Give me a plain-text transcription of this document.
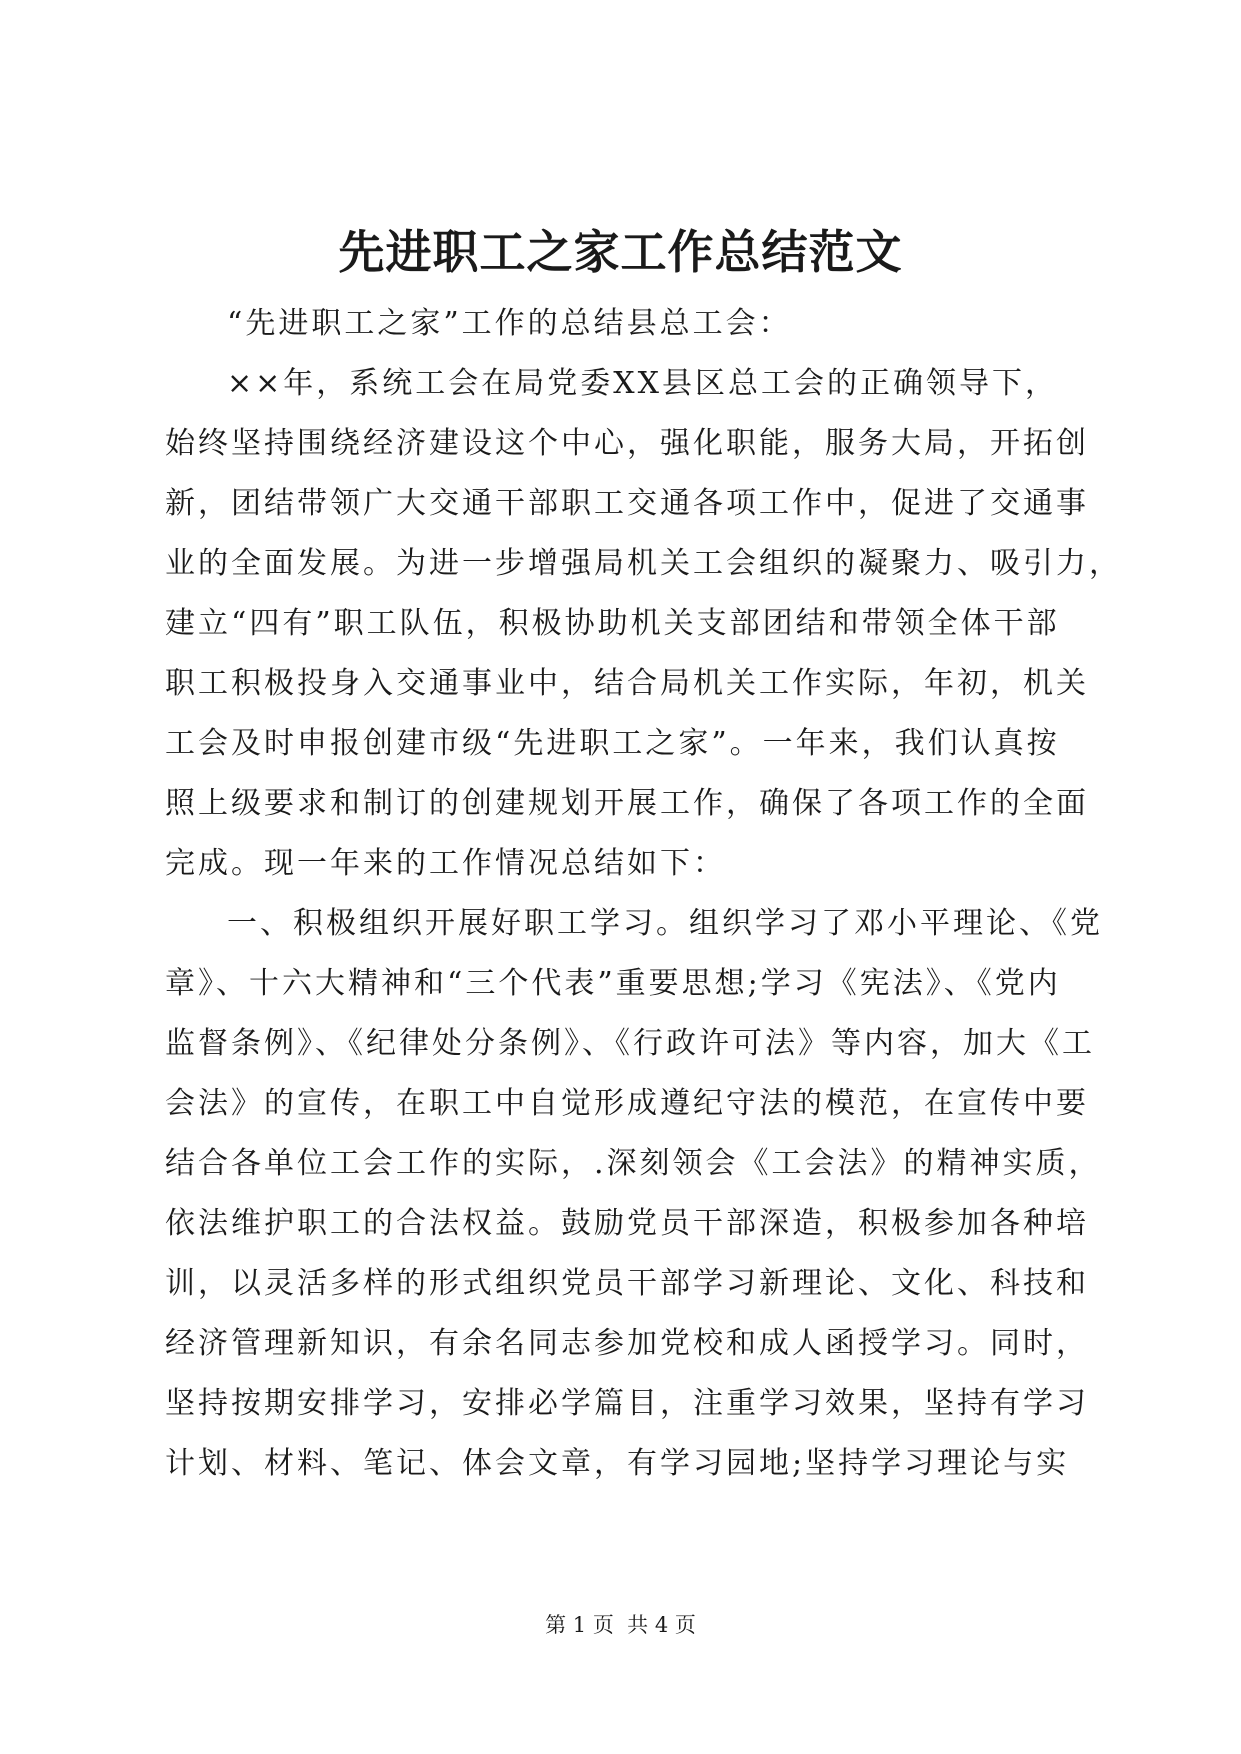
先进职工之家工作总结范文
“先进职工之家”工作的总结县总工会：
××年，系统工会在局党委XX县区总工会的正确领导下，
始终坚持围绕经济建设这个中心，强化职能，服务大局，开拓创
新，团结带领广大交通干部职工交通各项工作中，促进了交通事
业的全面发展。为进一步增强局机关工会组织的凝聚力、吸引力，
建立“四有”职工队伍，积极协助机关支部团结和带领全体干部
职工积极投身入交通事业中，结合局机关工作实际，年初，机关
工会及时申报创建市级“先进职工之家”。一年来，我们认真按
照上级要求和制订的创建规划开展工作，确保了各项工作的全面
完成。现一年来的工作情况总结如下：
一、积极组织开展好职工学习。组织学习了邓小平理论、《党
章》、十六大精神和“三个代表”重要思想;学习《宪法》、《党内
监督条例》、《纪律处分条例》、《行政许可法》等内容，加大《工
会法》的宣传，在职工中自觉形成遵纪守法的模范，在宣传中要
结合各单位工会工作的实际，.深刻领会《工会法》的精神实质，
依法维护职工的合法权益。鼓励党员干部深造，积极参加各种培
训，以灵活多样的形式组织党员干部学习新理论、文化、科技和
经济管理新知识，有余名同志参加党校和成人函授学习。同时，
坚持按期安排学习，安排必学篇目，注重学习效果，坚持有学习
计划、材料、笔记、体会文章，有学习园地;坚持学习理论与实
第 1 页  共 4 页
